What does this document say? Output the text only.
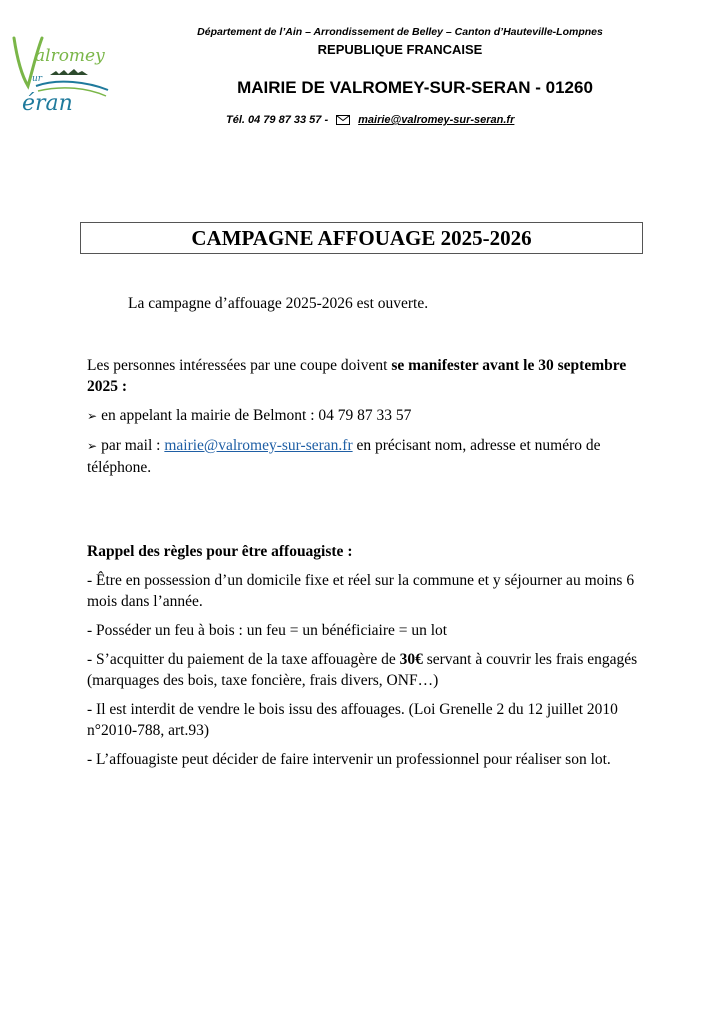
alromey
ur
éran
Département de l’Ain – Arrondissement de Belley – Canton d’Hauteville-Lompnes
REPUBLIQUE FRANCAISE
MAIRIE DE VALROMEY-SUR-SERAN - 01260
Tél. 04 79 87 33 57 -	mairie@valromey-sur-seran.fr
CAMPAGNE AFFOUAGE 2025-2026
La campagne d’affouage 2025-2026 est ouverte.
Les personnes intéressées par une coupe doivent se manifester avant le 30 septembre 2025 :
➢ en appelant la mairie de Belmont : 04 79 87 33 57
➢ par mail : mairie@valromey-sur-seran.fr en précisant nom, adresse et numéro de téléphone.
Rappel des règles pour être affouagiste :
- Être en possession d’un domicile fixe et réel sur la commune et y séjourner au moins 6 mois dans l’année.
- Posséder un feu à bois : un feu = un bénéficiaire = un lot
- S’acquitter du paiement de la taxe affouagère de 30€ servant à couvrir les frais engagés (marquages des bois, taxe foncière, frais divers, ONF…)
- Il est interdit de vendre le bois issu des affouages. (Loi Grenelle 2 du 12 juillet 2010 n°2010-788, art.93)
- L’affouagiste peut décider de faire intervenir un professionnel pour réaliser son lot.
